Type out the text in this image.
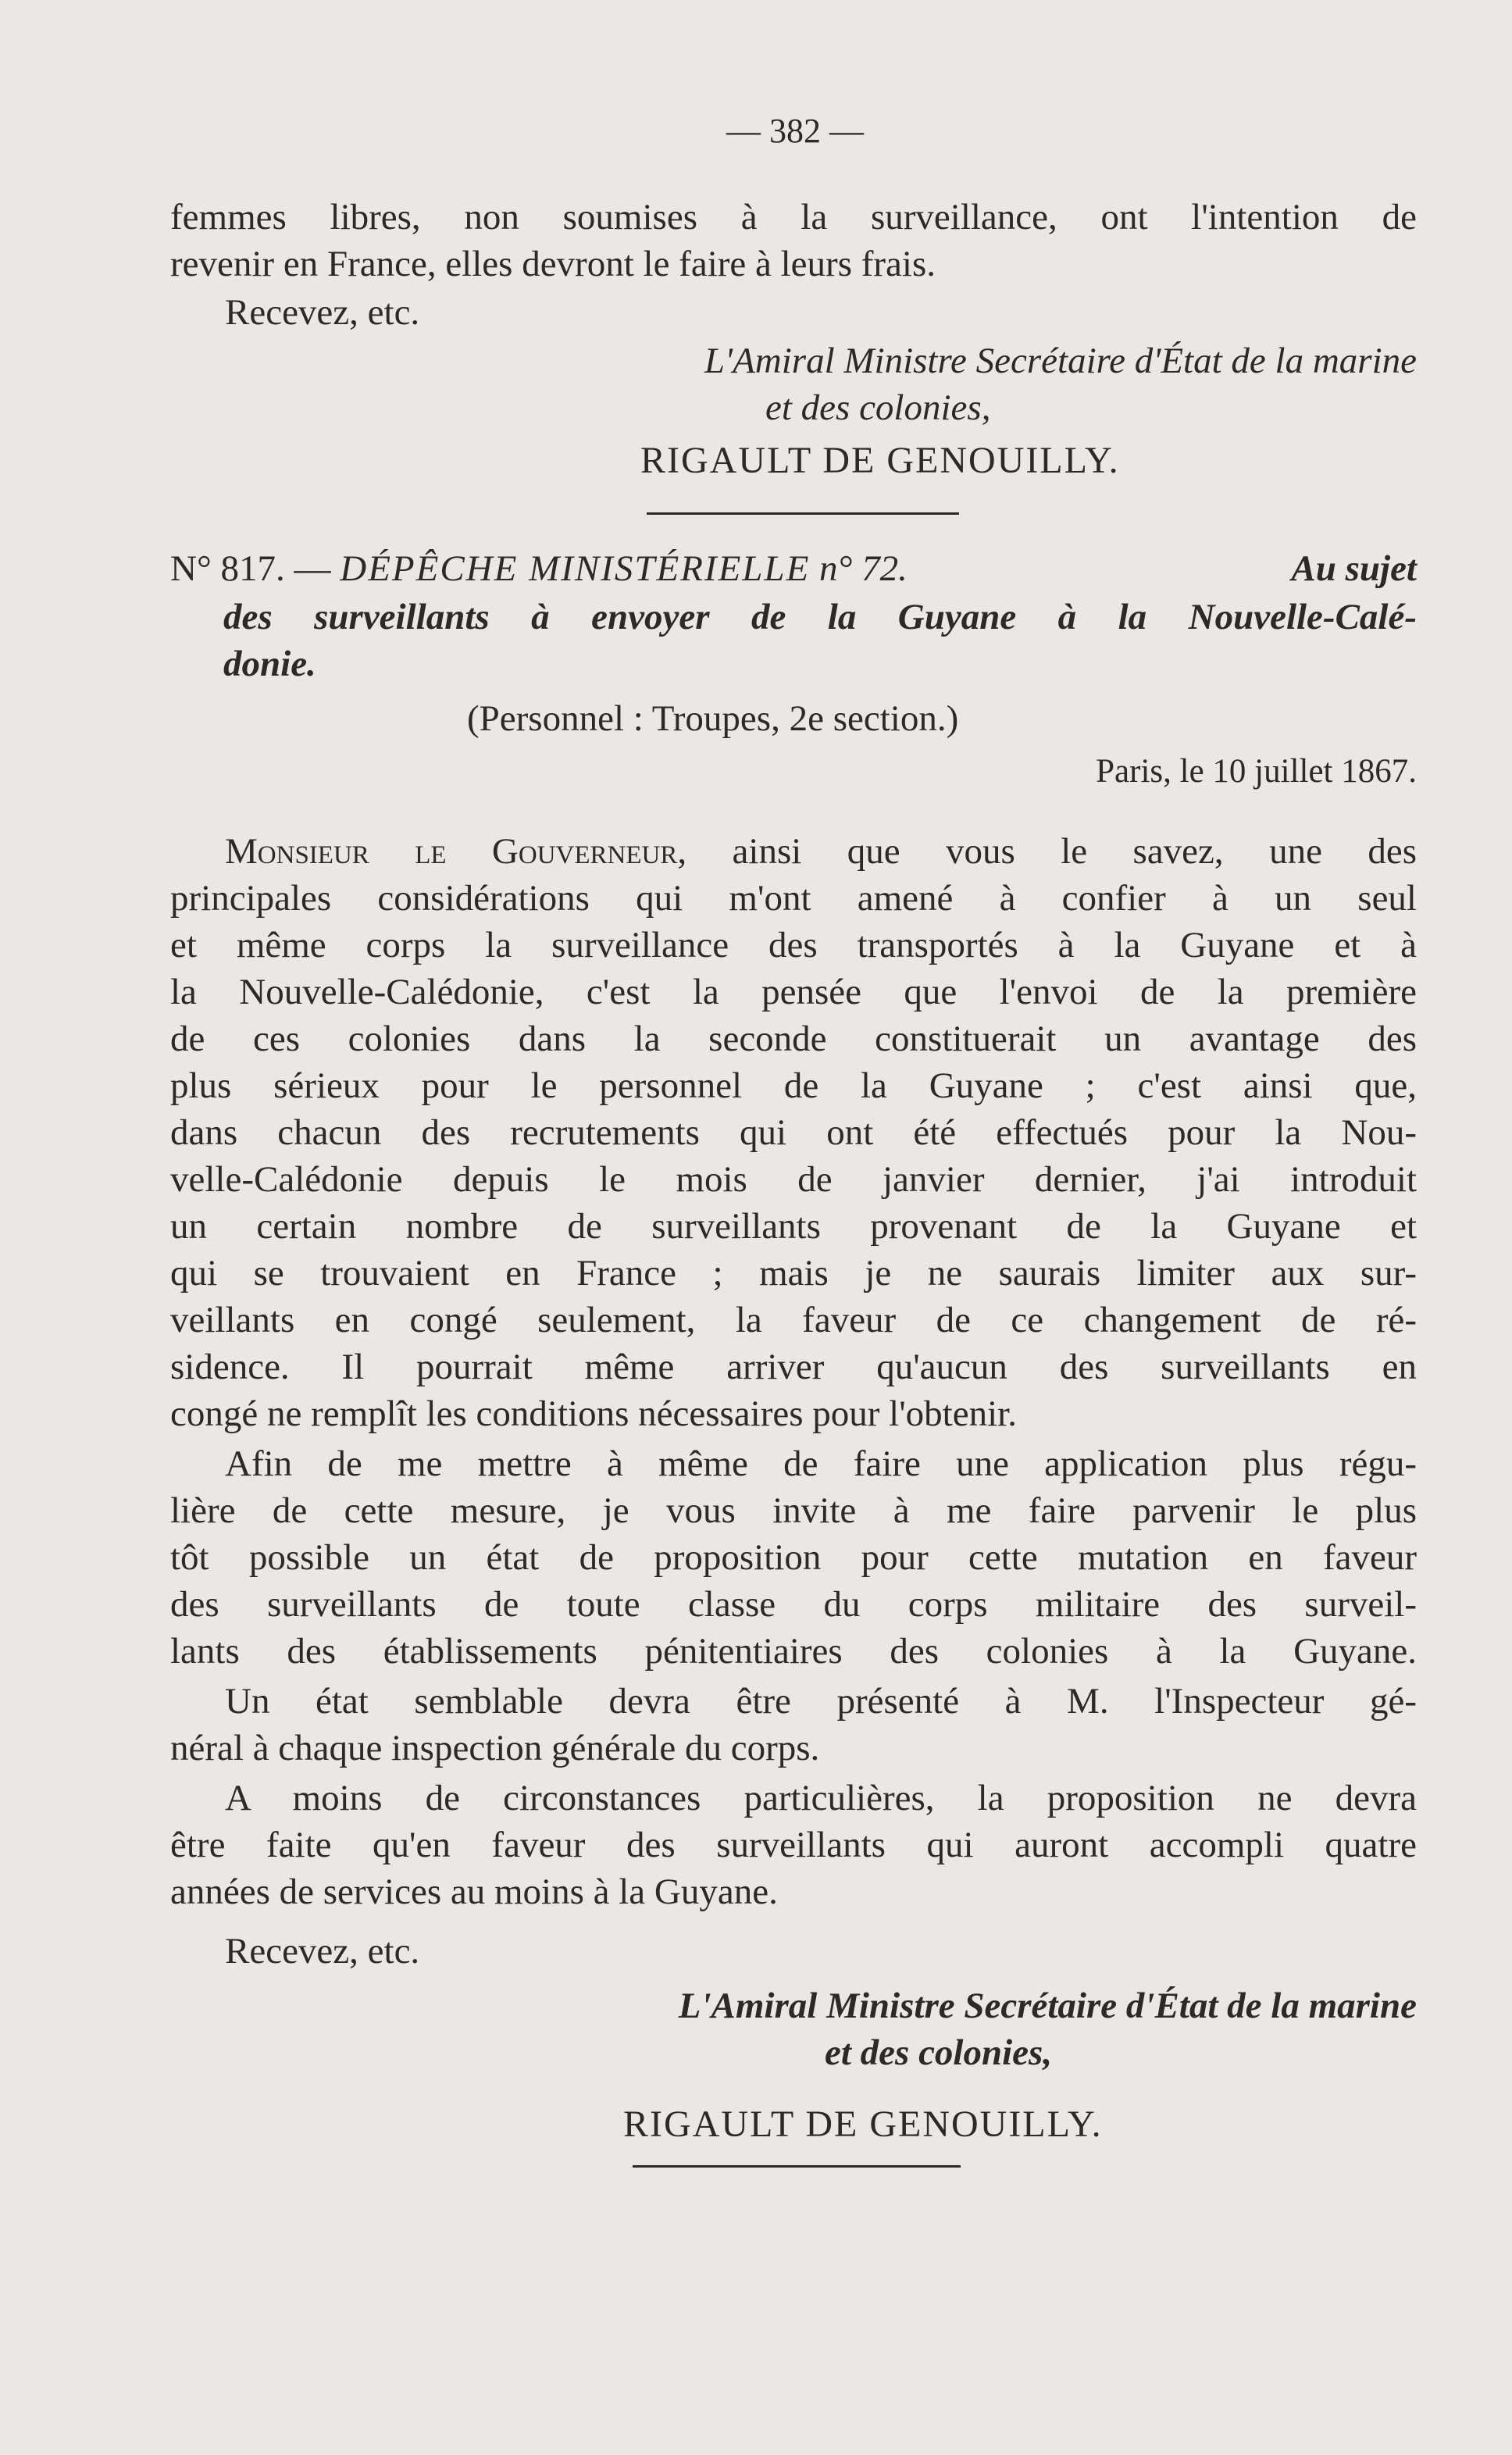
— 382 —
femmes libres, non soumises à la surveillance, ont l'intention de
revenir en France, elles devront le faire à leurs frais.
Recevez, etc.
L'Amiral Ministre Secrétaire d'État de la marine
et des colonies,
RIGAULT DE GENOUILLY.
N° 817. — DÉPÊCHE MINISTÉRIELLE n° 72.	Au sujet
des surveillants à envoyer de la Guyane à la Nouvelle-Calé-
donie.
(Personnel : Troupes, 2e section.)
Paris, le 10 juillet 1867.
Monsieur le Gouverneur, ainsi que vous le savez, une des
principales considérations qui m'ont amené à confier à un seul
et même corps la surveillance des transportés à la Guyane et à
la Nouvelle-Calédonie, c'est la pensée que l'envoi de la première
de ces colonies dans la seconde constituerait un avantage des
plus sérieux pour le personnel de la Guyane ; c'est ainsi que,
dans chacun des recrutements qui ont été effectués pour la Nou-
velle-Calédonie depuis le mois de janvier dernier, j'ai introduit
un certain nombre de surveillants provenant de la Guyane et
qui se trouvaient en France ; mais je ne saurais limiter aux sur-
veillants en congé seulement, la faveur de ce changement de ré-
sidence. Il pourrait même arriver qu'aucun des surveillants en
congé ne remplît les conditions nécessaires pour l'obtenir.
Afin de me mettre à même de faire une application plus régu-
lière de cette mesure, je vous invite à me faire parvenir le plus
tôt possible un état de proposition pour cette mutation en faveur
des surveillants de toute classe du corps militaire des surveil-
lants des établissements pénitentiaires des colonies à la Guyane.
Un état semblable devra être présenté à M. l'Inspecteur gé-
néral à chaque inspection générale du corps.
A moins de circonstances particulières, la proposition ne devra
être faite qu'en faveur des surveillants qui auront accompli quatre
années de services au moins à la Guyane.
Recevez, etc.
L'Amiral Ministre Secrétaire d'État de la marine
et des colonies,
RIGAULT DE GENOUILLY.
